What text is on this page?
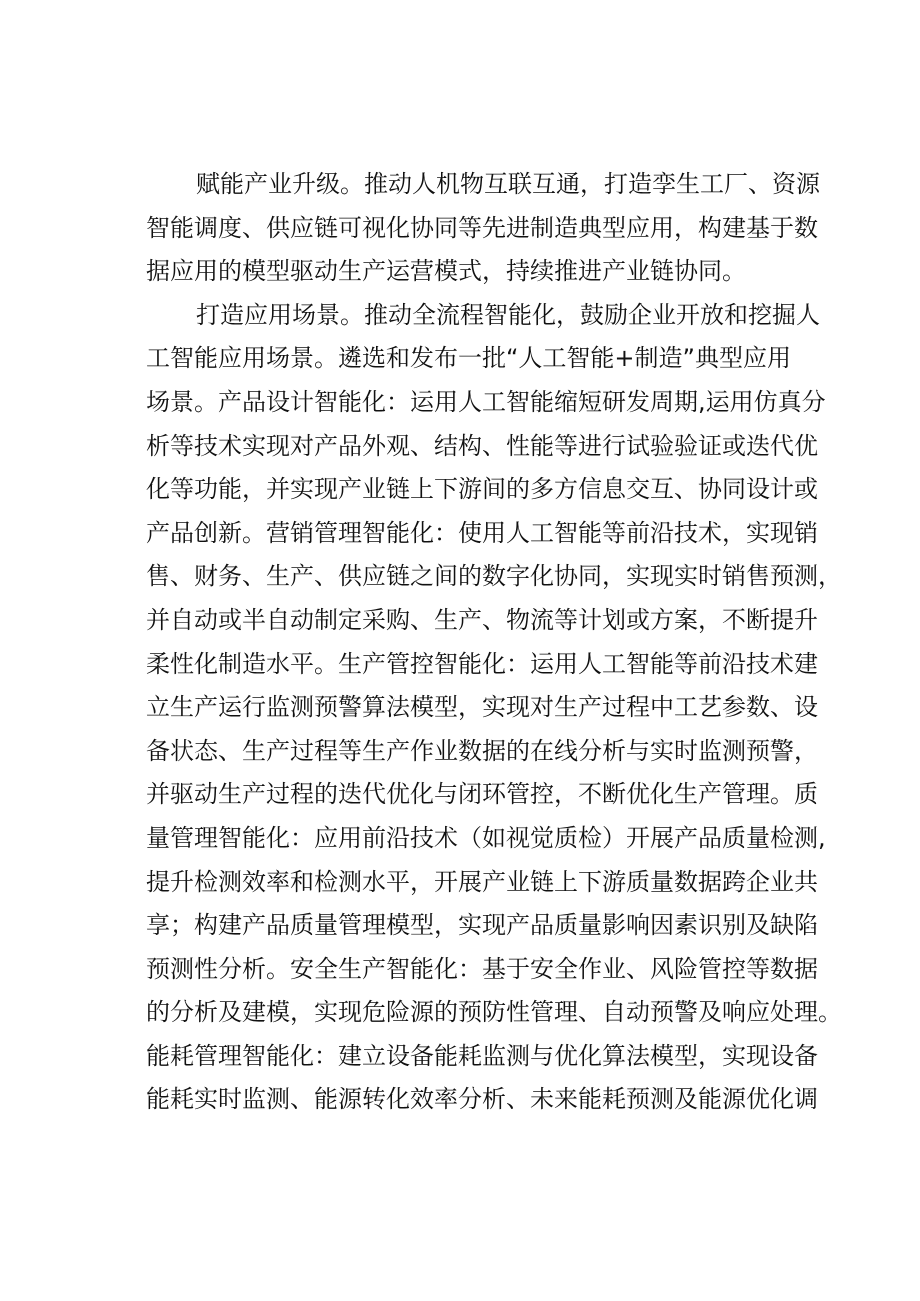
赋能产业升级。推动人机物互联互通，打造孪生工厂、资源
智能调度、供应链可视化协同等先进制造典型应用，构建基于数
据应用的模型驱动生产运营模式，持续推进产业链协同。
打造应用场景。推动全流程智能化，鼓励企业开放和挖掘人
工智能应用场景。遴选和发布一批“人工智能+制造”典型应用
场景。产品设计智能化：运用人工智能缩短研发周期,运用仿真分
析等技术实现对产品外观、结构、性能等进行试验验证或迭代优
化等功能，并实现产业链上下游间的多方信息交互、协同设计或
产品创新。营销管理智能化：使用人工智能等前沿技术，实现销
售、财务、生产、供应链之间的数字化协同，实现实时销售预测，
并自动或半自动制定采购、生产、物流等计划或方案，不断提升
柔性化制造水平。生产管控智能化：运用人工智能等前沿技术建
立生产运行监测预警算法模型，实现对生产过程中工艺参数、设
备状态、生产过程等生产作业数据的在线分析与实时监测预警，
并驱动生产过程的迭代优化与闭环管控，不断优化生产管理。质
量管理智能化：应用前沿技术（如视觉质检）开展产品质量检测,
提升检测效率和检测水平，开展产业链上下游质量数据跨企业共
享；构建产品质量管理模型，实现产品质量影响因素识别及缺陷
预测性分析。安全生产智能化：基于安全作业、风险管控等数据
的分析及建模，实现危险源的预防性管理、自动预警及响应处理。
能耗管理智能化：建立设备能耗监测与优化算法模型，实现设备
能耗实时监测、能源转化效率分析、未来能耗预测及能源优化调
